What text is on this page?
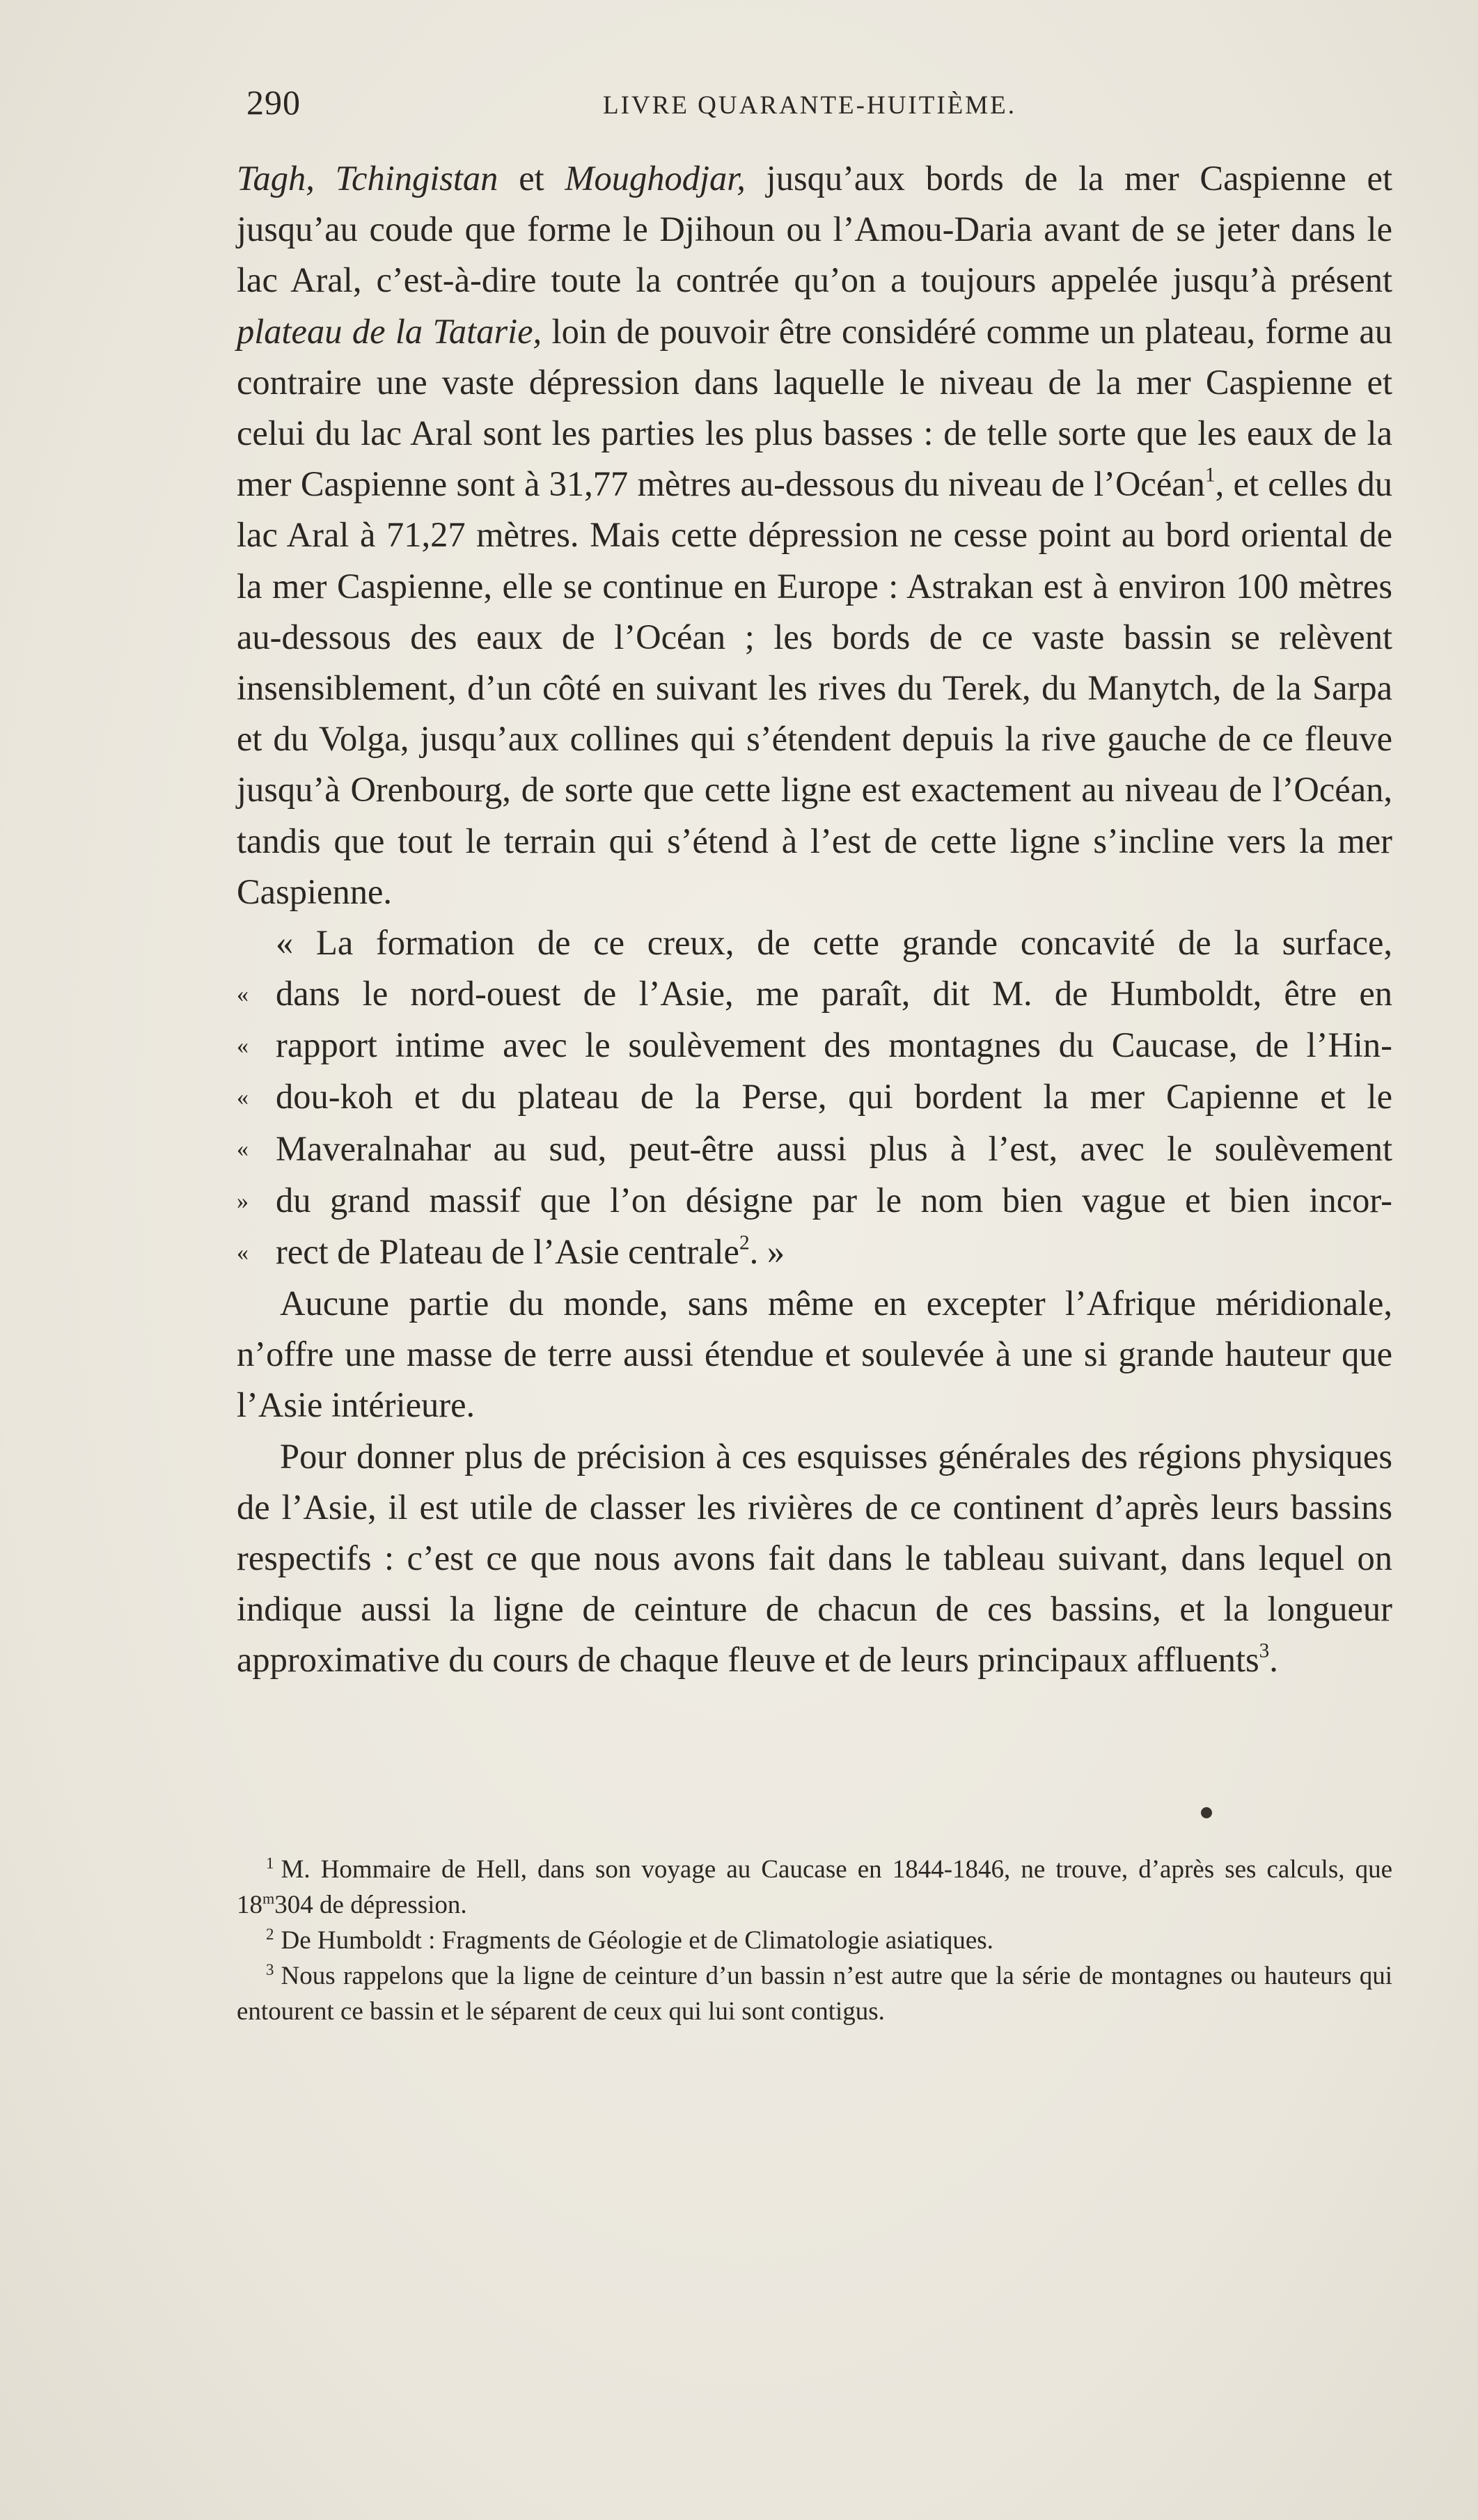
290	LIVRE QUARANTE-HUITIÈME.

Tagh, Tchingistan et Moughodjar, jusqu’aux bords de la mer Caspienne et jusqu’au coude que forme le Djihoun ou l’Amou-Daria avant de se jeter dans le lac Aral, c’est-à-dire toute la contrée qu’on a toujours appelée jusqu’à présent plateau de la Tatarie, loin de pouvoir être considéré comme un plateau, forme au contraire une vaste dépression dans laquelle le niveau de la mer Caspienne et celui du lac Aral sont les parties les plus basses : de telle sorte que les eaux de la mer Caspienne sont à 31,77 mètres au-dessous du niveau de l’Océan$^1$, et celles du lac Aral à 71,27 mètres. Mais cette dépression ne cesse point au bord oriental de la mer Caspienne, elle se continue en Europe : Astrakan est à environ 100 mètres au-dessous des eaux de l’Océan ; les bords de ce vaste bassin se relèvent insensiblement, d’un côté en suivant les rives du Terek, du Manytch, de la Sarpa et du Volga, jusqu’aux collines qui s’étendent depuis la rive gauche de ce fleuve jusqu’à Orenbourg, de sorte que cette ligne est exactement au niveau de l’Océan, tandis que tout le terrain qui s’étend à l’est de cette ligne s’incline vers la mer Caspienne.

« La formation de ce creux, de cette grande concavité de la surface,
« dans le nord-ouest de l’Asie, me paraît, dit M. de Humboldt, être en
« rapport intime avec le soulèvement des montagnes du Caucase, de l’Hin-
« dou-koh et du plateau de la Perse, qui bordent la mer Capienne et le
« Maveralnahar au sud, peut-être aussi plus à l’est, avec le soulèvement
» du grand massif que l’on désigne par le nom bien vague et bien incor-
« rect de Plateau de l’Asie centrale$^2$. »

Aucune partie du monde, sans même en excepter l’Afrique méridionale, n’offre une masse de terre aussi étendue et soulevée à une si grande hauteur que l’Asie intérieure.

Pour donner plus de précision à ces esquisses générales des régions physiques de l’Asie, il est utile de classer les rivières de ce continent d’après leurs bassins respectifs : c’est ce que nous avons fait dans le tableau suivant, dans lequel on indique aussi la ligne de ceinture de chacun de ces bassins, et la longueur approximative du cours de chaque fleuve et de leurs principaux affluents$^3$.

$^1$ M. Hommaire de Hell, dans son voyage au Caucase en 1844-1846, ne trouve, d’après ses calculs, que 18$^m$304 de dépression.

$^2$ De Humboldt : Fragments de Géologie et de Climatologie asiatiques.

$^3$ Nous rappelons que la ligne de ceinture d’un bassin n’est autre que la série de montagnes ou hauteurs qui entourent ce bassin et le séparent de ceux qui lui sont contigus.
